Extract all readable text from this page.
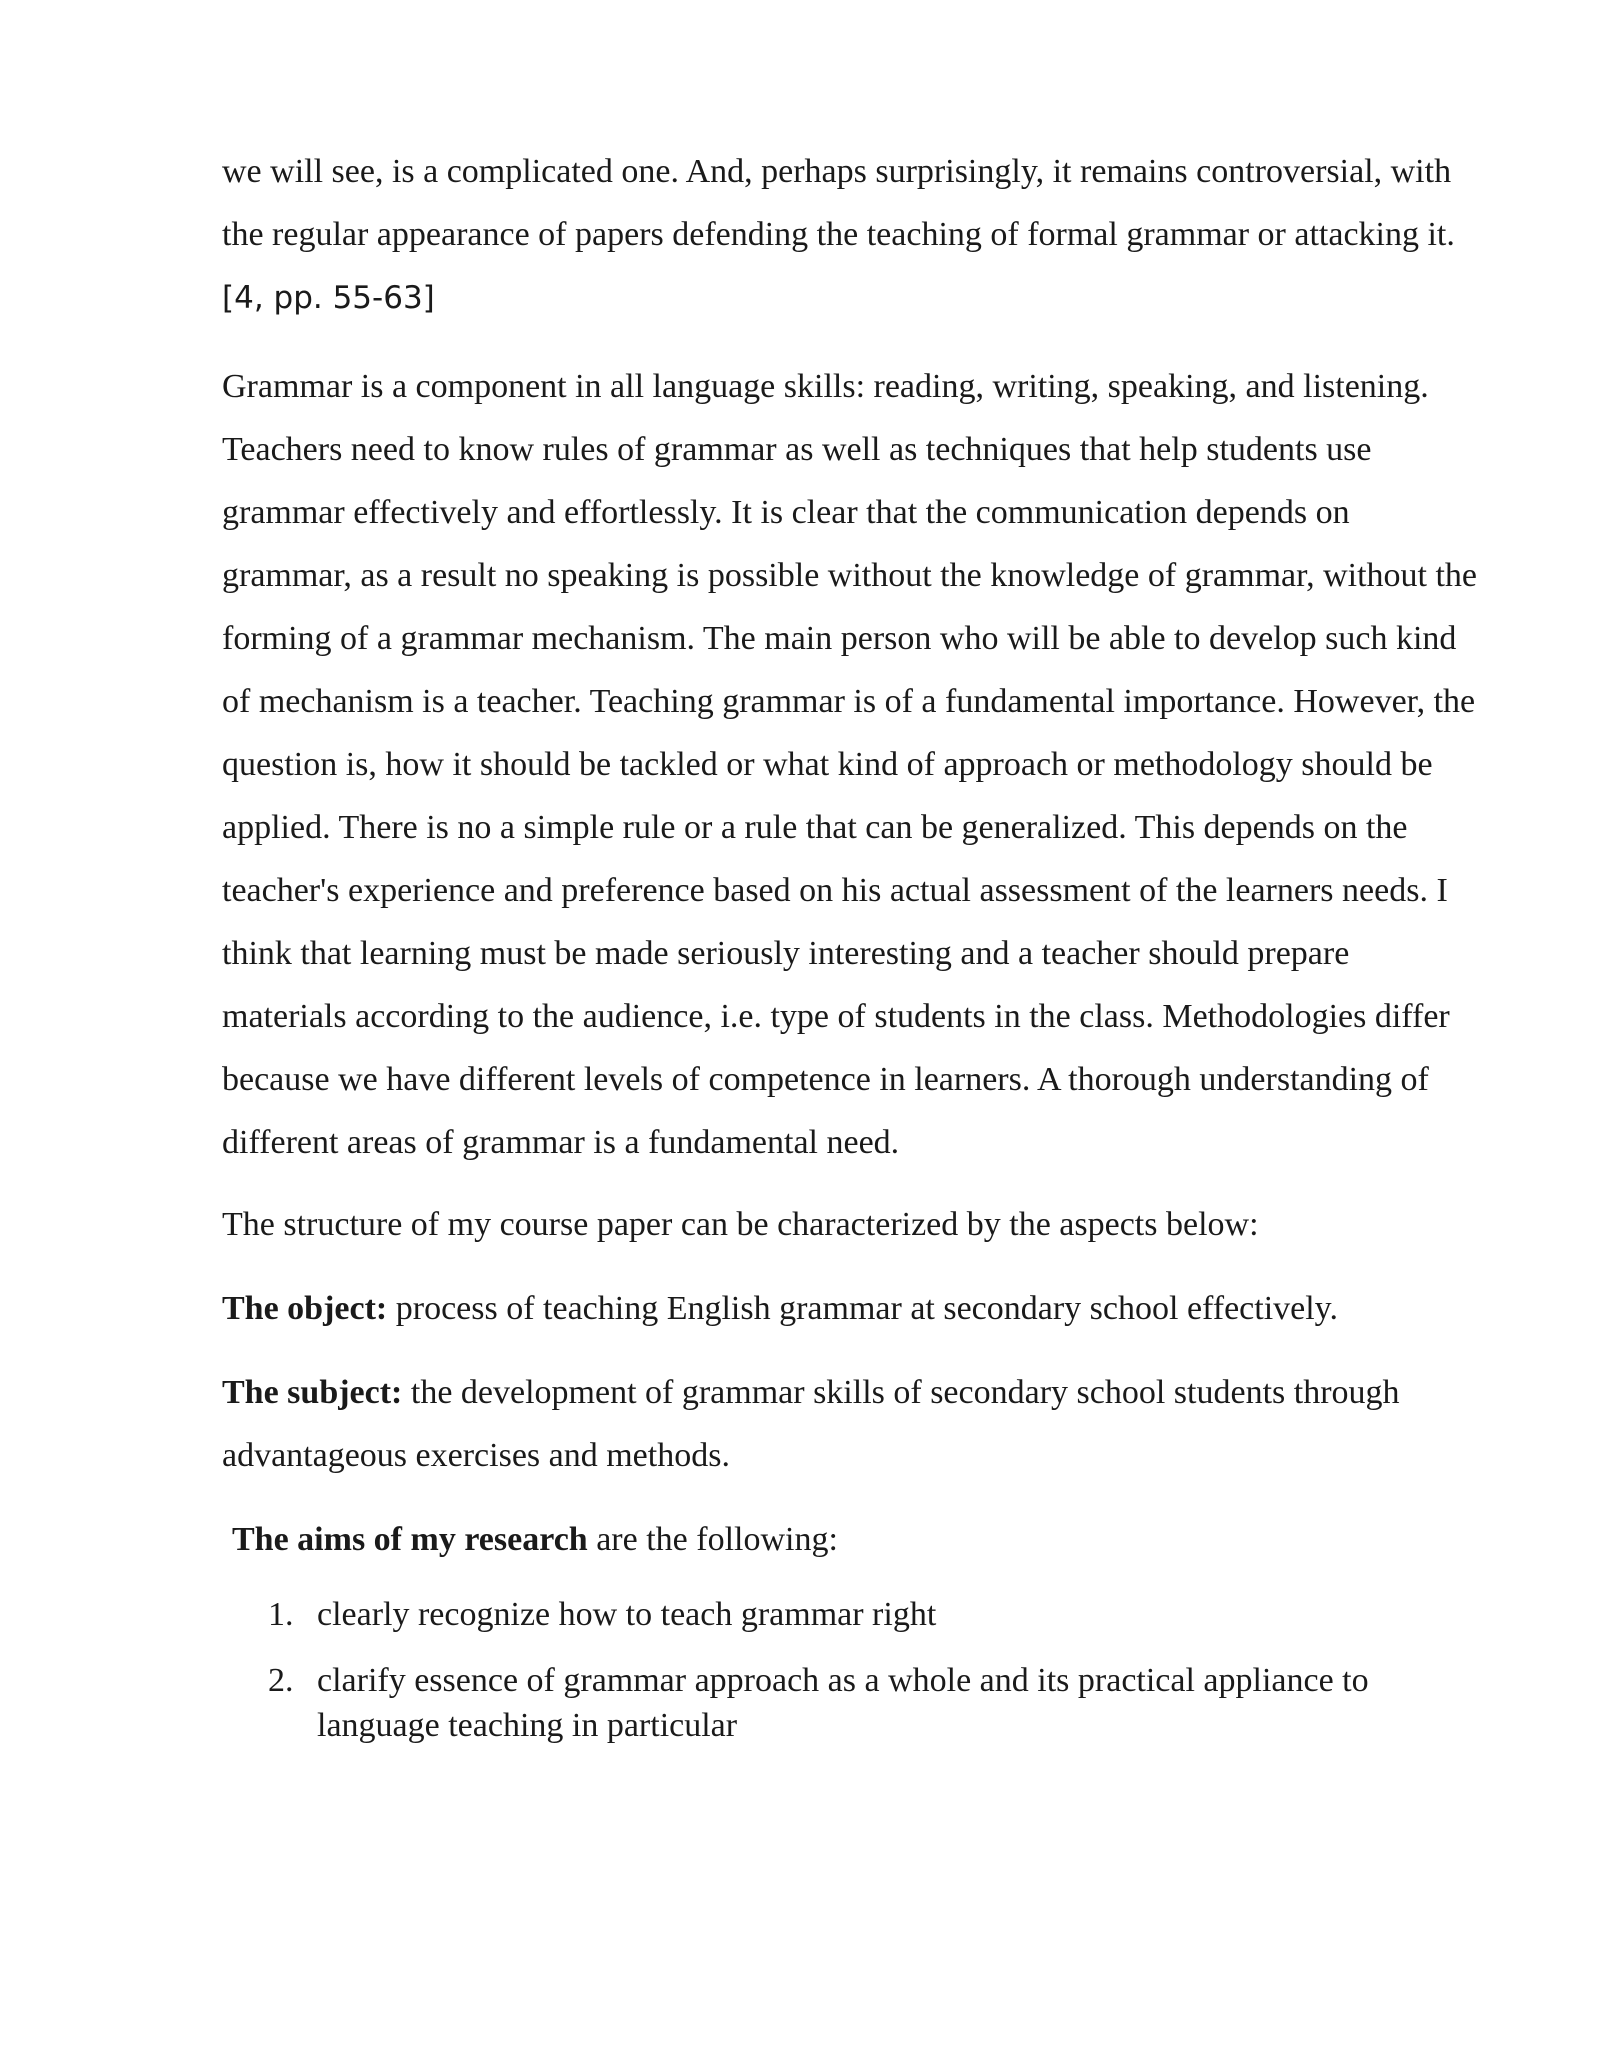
we will see, is a complicated one. And, perhaps surprisingly, it remains controversial, with the regular appearance of papers defending the teaching of formal grammar or attacking it.[4, pp. 55-63]

Grammar is a component in all language skills: reading, writing, speaking, and listening. Teachers need to know rules of grammar as well as techniques that help students use grammar effectively and effortlessly. It is clear that the communication depends on grammar, as a result no speaking is possible without the knowledge of grammar, without the forming of a grammar mechanism. The main person who will be able to develop such kind of mechanism is a teacher. Teaching grammar is of a fundamental importance. However, the question is, how it should be tackled or what kind of approach or methodology should be applied. There is no a simple rule or a rule that can be generalized. This depends on the teacher's experience and preference based on his actual assessment of the learners needs. I think that learning must be made seriously interesting and a teacher should prepare materials according to the audience, i.e. type of students in the class. Methodologies differ because we have different levels of competence in learners. A thorough understanding of different areas of grammar is a fundamental need.

The structure of my course paper can be characterized by the aspects below:

The object: process of teaching English grammar at secondary school effectively.

The subject: the development of grammar skills of secondary school students through advantageous exercises and methods.

The aims of my research are the following:

1. clearly recognize how to teach grammar right
2. clarify essence of grammar approach as a whole and its practical appliance to language teaching in particular
